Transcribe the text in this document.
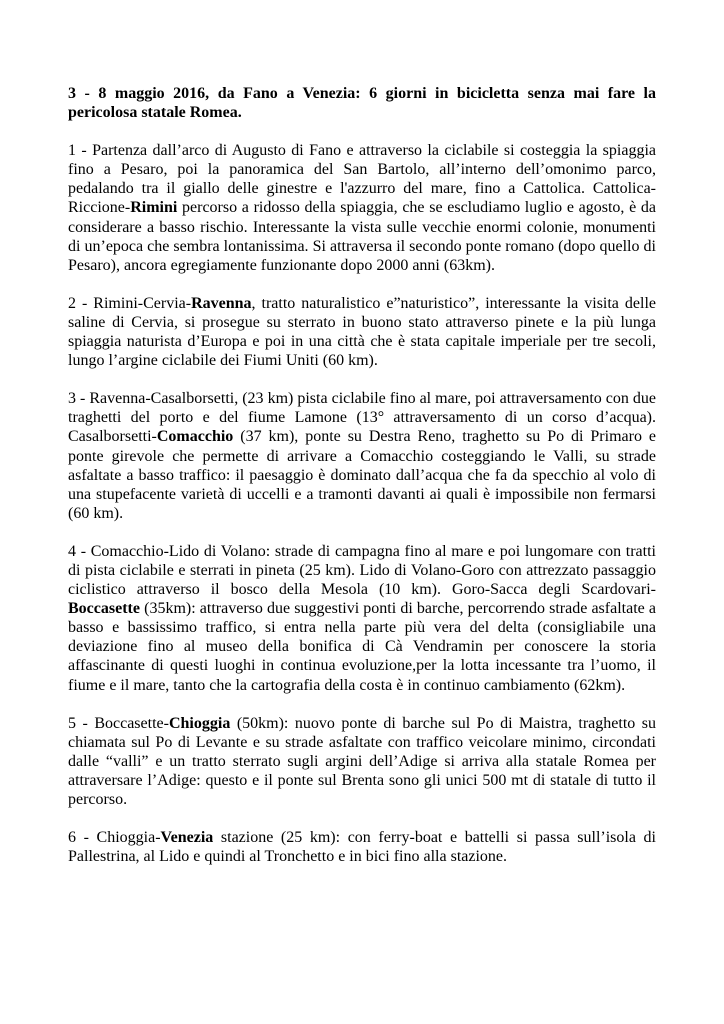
3 - 8 maggio 2016, da Fano a Venezia: 6 giorni in bicicletta senza mai fare la pericolosa statale Romea.

1 - Partenza dall’arco di Augusto di Fano e attraverso la ciclabile si costeggia la spiaggia fino a Pesaro, poi la panoramica del San Bartolo, all’interno dell’omonimo parco, pedalando tra il giallo delle ginestre e l'azzurro del mare, fino a Cattolica. Cattolica-Riccione-Rimini percorso a ridosso della spiaggia, che se escludiamo luglio e agosto, è da considerare a basso rischio. Interessante la vista sulle vecchie enormi colonie, monumenti di un’epoca che sembra lontanissima. Si attraversa il secondo ponte romano (dopo quello di Pesaro), ancora egregiamente funzionante dopo 2000 anni (63km).

2 - Rimini-Cervia-Ravenna, tratto naturalistico e”naturistico”, interessante la visita delle saline di Cervia, si prosegue su sterrato in buono stato attraverso pinete e la più lunga spiaggia naturista d’Europa e poi in una città che è stata capitale imperiale per tre secoli, lungo l’argine ciclabile dei Fiumi Uniti (60 km).

3 - Ravenna-Casalborsetti, (23 km) pista ciclabile fino al mare, poi attraversamento con due traghetti del porto e del fiume Lamone (13° attraversamento di un corso d’acqua). Casalborsetti-Comacchio (37 km), ponte su Destra Reno, traghetto su Po di Primaro e ponte girevole che permette di arrivare a Comacchio costeggiando le Valli, su strade asfaltate a basso traffico: il paesaggio è dominato dall’acqua che fa da specchio al volo di una stupefacente varietà di uccelli e a tramonti davanti ai quali è impossibile non fermarsi (60 km).

4 - Comacchio-Lido di Volano: strade di campagna fino al mare e poi lungomare con tratti di pista ciclabile e sterrati in pineta (25 km). Lido di Volano-Goro con attrezzato passaggio ciclistico attraverso il bosco della Mesola (10 km). Goro-Sacca degli Scardovari-Boccasette (35km): attraverso due suggestivi ponti di barche, percorrendo strade asfaltate a basso e bassissimo traffico, si entra nella parte più vera del delta (consigliabile una deviazione fino al museo della bonifica di Cà Vendramin per conoscere la storia affascinante di questi luoghi in continua evoluzione,per la lotta incessante tra l’uomo, il fiume e il mare, tanto che la cartografia della costa è in continuo cambiamento (62km).

5 - Boccasette-Chioggia (50km): nuovo ponte di barche sul Po di Maistra, traghetto su chiamata sul Po di Levante e su strade asfaltate con traffico veicolare minimo, circondati dalle “valli” e un tratto sterrato sugli argini dell’Adige si arriva alla statale Romea per attraversare l’Adige: questo e il ponte sul Brenta sono gli unici 500 mt di statale di tutto il percorso.

6 - Chioggia-Venezia stazione (25 km): con ferry-boat e battelli si passa sull’isola di Pallestrina, al Lido e quindi al Tronchetto e in bici fino alla stazione.
